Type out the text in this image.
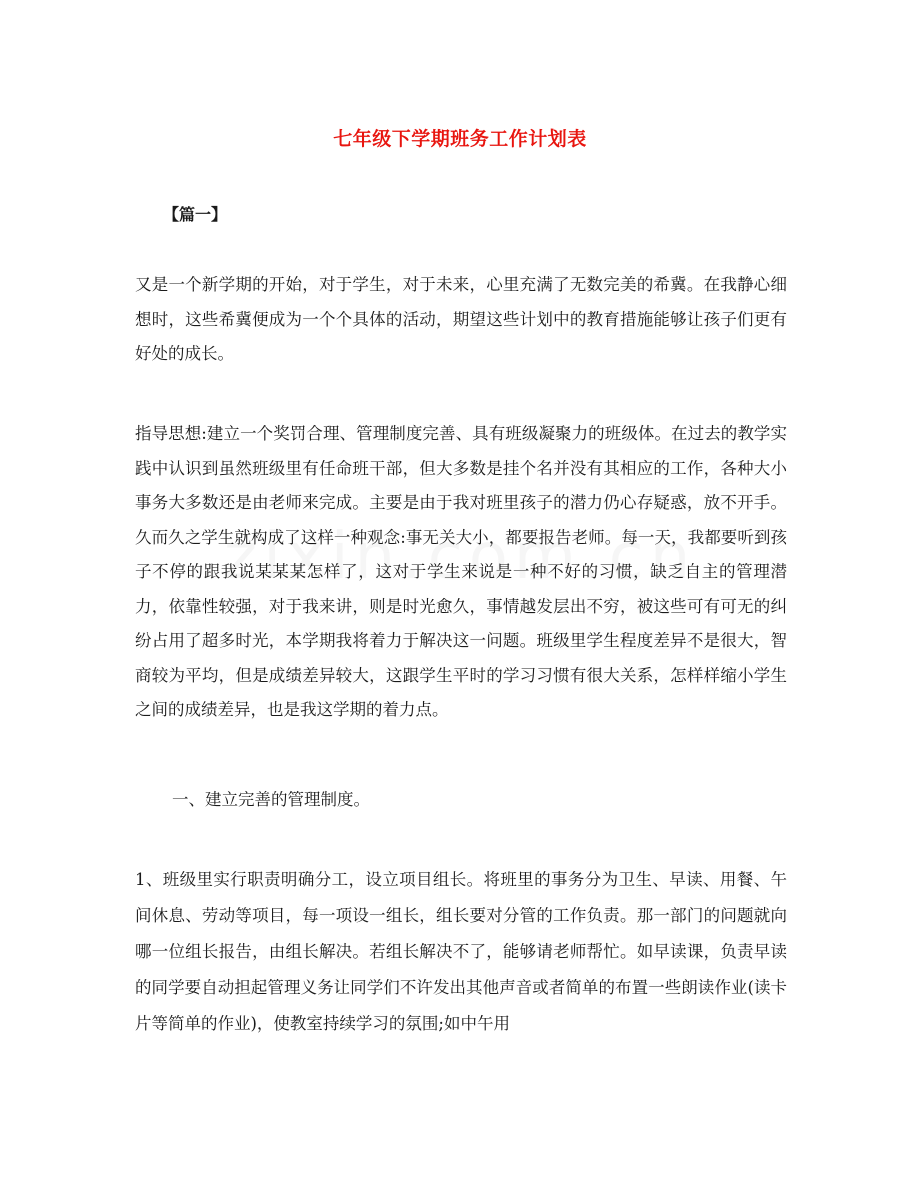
七年级下学期班务工作计划表
【篇一】
又是一个新学期的开始，对于学生，对于未来，心里充满了无数完美的希冀。在我静心细想时，这些希冀便成为一个个具体的活动，期望这些计划中的教育措施能够让孩子们更有好处的成长。
指导思想:建立一个奖罚合理、管理制度完善、具有班级凝聚力的班级体。在过去的教学实践中认识到虽然班级里有任命班干部，但大多数是挂个名并没有其相应的工作，各种大小事务大多数还是由老师来完成。主要是由于我对班里孩子的潜力仍心存疑惑，放不开手。久而久之学生就构成了这样一种观念:事无关大小，都要报告老师。每一天，我都要听到孩子不停的跟我说某某某怎样了，这对于学生来说是一种不好的习惯，缺乏自主的管理潜力，依靠性较强，对于我来讲，则是时光愈久，事情越发层出不穷，被这些可有可无的纠纷占用了超多时光，本学期我将着力于解决这一问题。班级里学生程度差异不是很大，智商较为平均，但是成绩差异较大，这跟学生平时的学习习惯有很大关系，怎样样缩小学生之间的成绩差异，也是我这学期的着力点。
一、建立完善的管理制度。
1、班级里实行职责明确分工，设立项目组长。将班里的事务分为卫生、早读、用餐、午间休息、劳动等项目，每一项设一组长，组长要对分管的工作负责。那一部门的问题就向哪一位组长报告，由组长解决。若组长解决不了，能够请老师帮忙。如早读课，负责早读的同学要自动担起管理义务让同学们不许发出其他声音或者简单的布置一些朗读作业(读卡片等简单的作业)，使教室持续学习的氛围;如中午用
